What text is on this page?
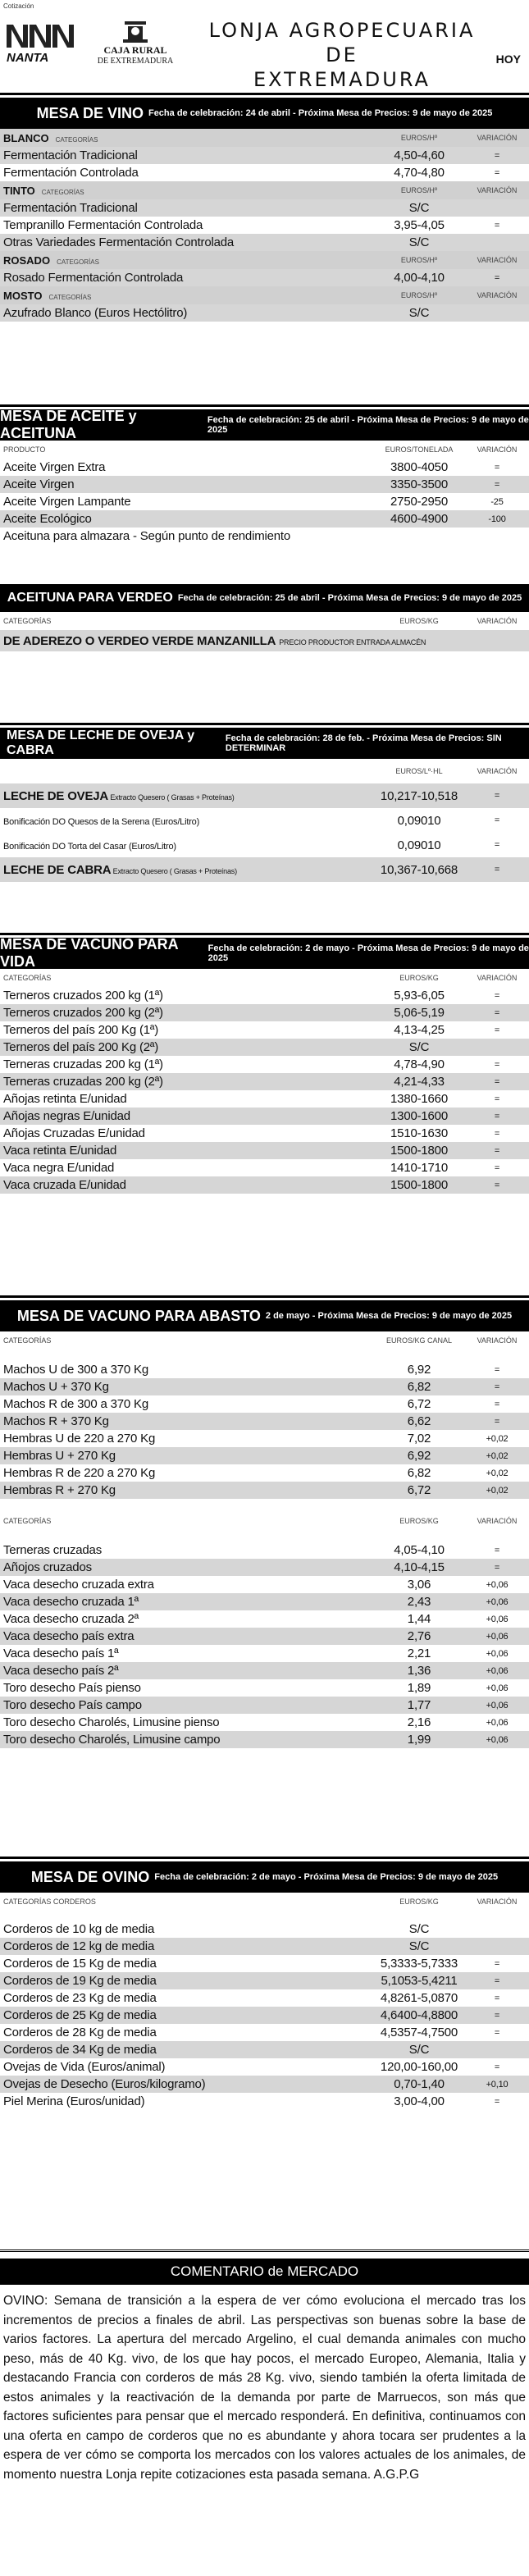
Cotización
NANTA
CAJA RURAL
DE EXTREMADURA
LONJA AGROPECUARIA DE
EXTREMADURA
HOY
MESA DE VINO Fecha de celebración: 24 de abril - Próxima Mesa de Precios: 9 de mayo de 2025
BLANCO CATEGORÍAS	EUROS/Hº	VARIACIÓN
Fermentación Tradicional	4,50-4,60	=
Fermentación Controlada	4,70-4,80	=
TINTO CATEGORÍAS	EUROS/Hº	VARIACIÓN
Fermentación Tradicional	S/C
Tempranillo Fermentación Controlada	3,95-4,05	=
Otras Variedades Fermentación Controlada	S/C
ROSADO CATEGORÍAS	EUROS/Hº	VARIACIÓN
Rosado Fermentación Controlada	4,00-4,10	=
MOSTO CATEGORÍAS	EUROS/Hº	VARIACIÓN
Azufrado Blanco (Euros Hectólitro)	S/C
MESA DE ACEITE y ACEITUNA
Fecha de celebración: 25 de abril - Próxima Mesa de Precios: 9 de mayo de 2025
PRODUCTO	EUROS/TONELADA	VARIACIÓN
Aceite Virgen Extra	3800-4050	=
Aceite Virgen	3350-3500	=
Aceite Virgen Lampante	2750-2950	-25
Aceite Ecológico	4600-4900	-100
Aceituna para almazara - Según punto de rendimiento
ACEITUNA PARA VERDEO Fecha de celebración: 25 de abril - Próxima Mesa de Precios: 9 de mayo de 2025
CATEGORÍAS	EUROS/KG	VARIACIÓN
DE ADEREZO O VERDEO VERDE MANZANILLA PRECIO PRODUCTOR ENTRADA ALMACÉN
MESA DE LECHE DE OVEJA y CABRA
Fecha de celebración: 28 de feb. - Próxima Mesa de Precios: SIN DETERMINAR
EUROS/Lº·HL	VARIACIÓN
LECHE DE OVEJA Extracto Quesero ( Grasas + Proteínas)	10,217-10,518	=
Bonificación DO Quesos de la Serena (Euros/Litro)	0,09010	=
Bonificación DO Torta del Casar (Euros/Litro)	0,09010	=
LECHE DE CABRA Extracto Quesero ( Grasas + Proteínas)	10,367-10,668	=
MESA DE VACUNO PARA VIDA
Fecha de celebración: 2 de mayo - Próxima Mesa de Precios: 9 de mayo de 2025
CATEGORÍAS	EUROS/KG	VARIACIÓN
Terneros cruzados 200 kg (1ª)	5,93-6,05	=
Terneros cruzados 200 kg (2ª)	5,06-5,19	=
Terneros del país 200 Kg (1ª)	4,13-4,25	=
Terneros del país 200 Kg (2ª)	S/C
Terneras cruzadas 200 kg (1ª)	4,78-4,90	=
Terneras cruzadas 200 kg (2ª)	4,21-4,33	=
Añojas retinta E/unidad	1380-1660	=
Añojas negras E/unidad	1300-1600	=
Añojas Cruzadas E/unidad	1510-1630	=
Vaca retinta E/unidad	1500-1800	=
Vaca negra E/unidad	1410-1710	=
Vaca cruzada E/unidad	1500-1800	=
MESA DE VACUNO PARA ABASTO 2 de mayo - Próxima Mesa de Precios: 9 de mayo de 2025
CATEGORÍAS	EUROS/KG CANAL	VARIACIÓN
Machos U de 300 a 370 Kg	6,92	=
Machos U + 370 Kg	6,82	=
Machos R de 300 a 370 Kg	6,72	=
Machos R + 370 Kg	6,62	=
Hembras U de 220 a 270 Kg	7,02	+0,02
Hembras U + 270 Kg	6,92	+0,02
Hembras R de 220 a 270 Kg	6,82	+0,02
Hembras R + 270 Kg	6,72	+0,02
CATEGORÍAS	EUROS/KG	VARIACIÓN
Terneras cruzadas	4,05-4,10	=
Añojos cruzados	4,10-4,15	=
Vaca desecho cruzada extra	3,06	+0,06
Vaca desecho cruzada 1ª	2,43	+0,06
Vaca desecho cruzada 2ª	1,44	+0,06
Vaca desecho país extra	2,76	+0,06
Vaca desecho país 1ª	2,21	+0,06
Vaca desecho país 2ª	1,36	+0,06
Toro desecho País pienso	1,89	+0,06
Toro desecho País campo	1,77	+0,06
Toro desecho Charolés, Limusine pienso	2,16	+0,06
Toro desecho Charolés, Limusine campo	1,99	+0,06
MESA DE OVINO Fecha de celebración: 2 de mayo - Próxima Mesa de Precios: 9 de mayo de 2025
CATEGORÍAS CORDEROS	EUROS/KG	VARIACIÓN
Corderos de 10 kg de media	S/C
Corderos de 12 kg de media	S/C
Corderos de 15 Kg de media	5,3333-5,7333	=
Corderos de 19 Kg de media	5,1053-5,4211	=
Corderos de 23 Kg de media	4,8261-5,0870	=
Corderos de 25 Kg de media	4,6400-4,8800	=
Corderos de 28 Kg de media	4,5357-4,7500	=
Corderos de 34 Kg de media	S/C
Ovejas de Vida (Euros/animal)	120,00-160,00	=
Ovejas de Desecho (Euros/kilogramo)	0,70-1,40	+0,10
Piel Merina (Euros/unidad)	3,00-4,00	=
COMENTARIO de MERCADO
OVINO: Semana de transición a la espera de ver cómo evoluciona el mercado tras los incrementos de precios a finales de abril. Las perspectivas son buenas sobre la base de varios factores. La apertura del mercado Argelino, el cual demanda animales con mucho peso, más de 40 Kg. vivo, de los que hay pocos, el mercado Europeo, Alemania, Italia y destacando Francia con corderos de más 28 Kg. vivo, siendo también la oferta limitada de estos animales y la reactivación de la demanda por parte de Marruecos, son más que factores suficientes para pensar que el mercado responderá. En definitiva, continuamos con una oferta en campo de corderos que no es abundante y ahora tocara ser prudentes a la espera de ver cómo se comporta los mercados con los valores actuales de los animales, de momento nuestra Lonja repite cotizaciones esta pasada semana. A.G.P.G
